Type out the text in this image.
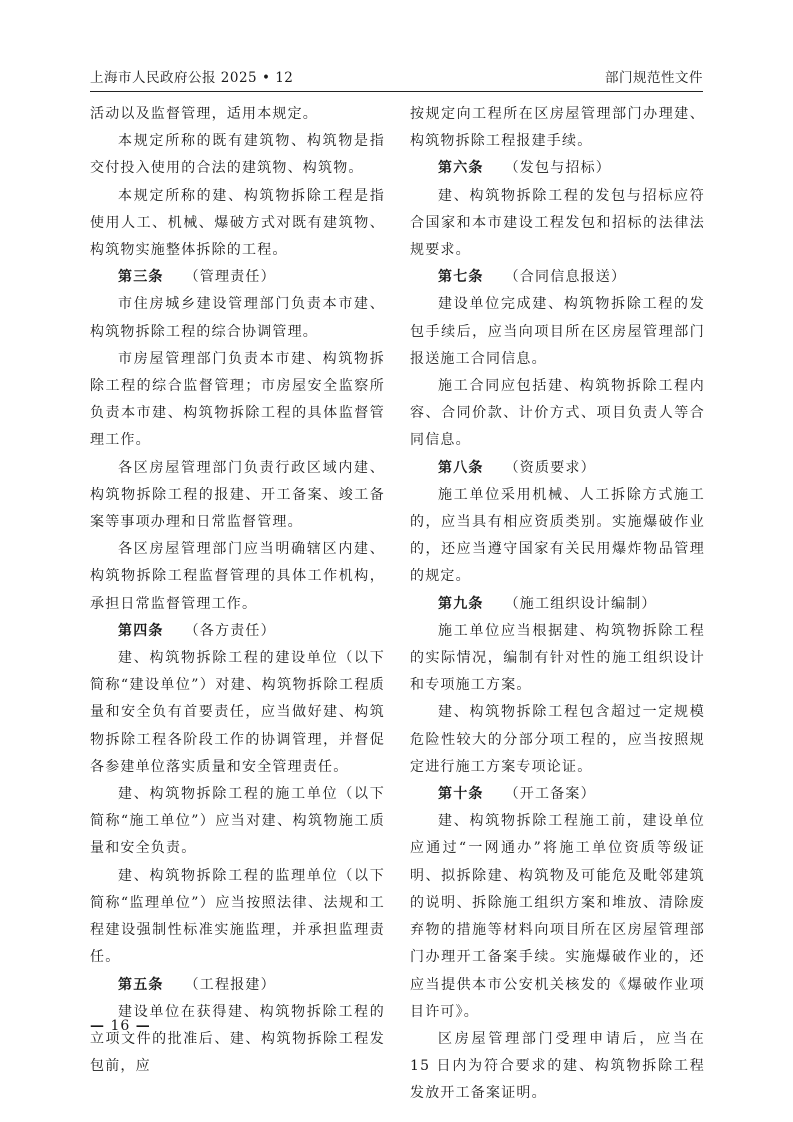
上海市人民政府公报 2025 • 12	部门规范性文件

活动以及监督管理，适用本规定。

本规定所称的既有建筑物、构筑物是指交付投入使用的合法的建筑物、构筑物。

本规定所称的建、构筑物拆除工程是指使用人工、机械、爆破方式对既有建筑物、构筑物实施整体拆除的工程。

第三条 （管理责任）

市住房城乡建设管理部门负责本市建、构筑物拆除工程的综合协调管理。

市房屋管理部门负责本市建、构筑物拆除工程的综合监督管理；市房屋安全监察所负责本市建、构筑物拆除工程的具体监督管理工作。

各区房屋管理部门负责行政区域内建、构筑物拆除工程的报建、开工备案、竣工备案等事项办理和日常监督管理。

各区房屋管理部门应当明确辖区内建、构筑物拆除工程监督管理的具体工作机构，承担日常监督管理工作。

第四条 （各方责任）

建、构筑物拆除工程的建设单位（以下简称“建设单位”）对建、构筑物拆除工程质量和安全负有首要责任，应当做好建、构筑物拆除工程各阶段工作的协调管理，并督促各参建单位落实质量和安全管理责任。

建、构筑物拆除工程的施工单位（以下简称“施工单位”）应当对建、构筑物施工质量和安全负责。

建、构筑物拆除工程的监理单位（以下简称“监理单位”）应当按照法律、法规和工程建设强制性标准实施监理，并承担监理责任。

第五条 （工程报建）

建设单位在获得建、构筑物拆除工程的立项文件的批准后、建、构筑物拆除工程发包前，应

按规定向工程所在区房屋管理部门办理建、构筑物拆除工程报建手续。

第六条 （发包与招标）

建、构筑物拆除工程的发包与招标应符合国家和本市建设工程发包和招标的法律法规要求。

第七条 （合同信息报送）

建设单位完成建、构筑物拆除工程的发包手续后，应当向项目所在区房屋管理部门报送施工合同信息。

施工合同应包括建、构筑物拆除工程内容、合同价款、计价方式、项目负责人等合同信息。

第八条 （资质要求）

施工单位采用机械、人工拆除方式施工的，应当具有相应资质类别。实施爆破作业的，还应当遵守国家有关民用爆炸物品管理的规定。

第九条 （施工组织设计编制）

施工单位应当根据建、构筑物拆除工程的实际情况，编制有针对性的施工组织设计和专项施工方案。

建、构筑物拆除工程包含超过一定规模危险性较大的分部分项工程的，应当按照规定进行施工方案专项论证。

第十条 （开工备案）

建、构筑物拆除工程施工前，建设单位应通过“一网通办”将施工单位资质等级证明、拟拆除建、构筑物及可能危及毗邻建筑的说明、拆除施工组织方案和堆放、清除废弃物的措施等材料向项目所在区房屋管理部门办理开工备案手续。实施爆破作业的，还应当提供本市公安机关核发的《爆破作业项目许可》。

区房屋管理部门受理申请后，应当在 15 日内为符合要求的建、构筑物拆除工程发放开工备案证明。

— 16 —
